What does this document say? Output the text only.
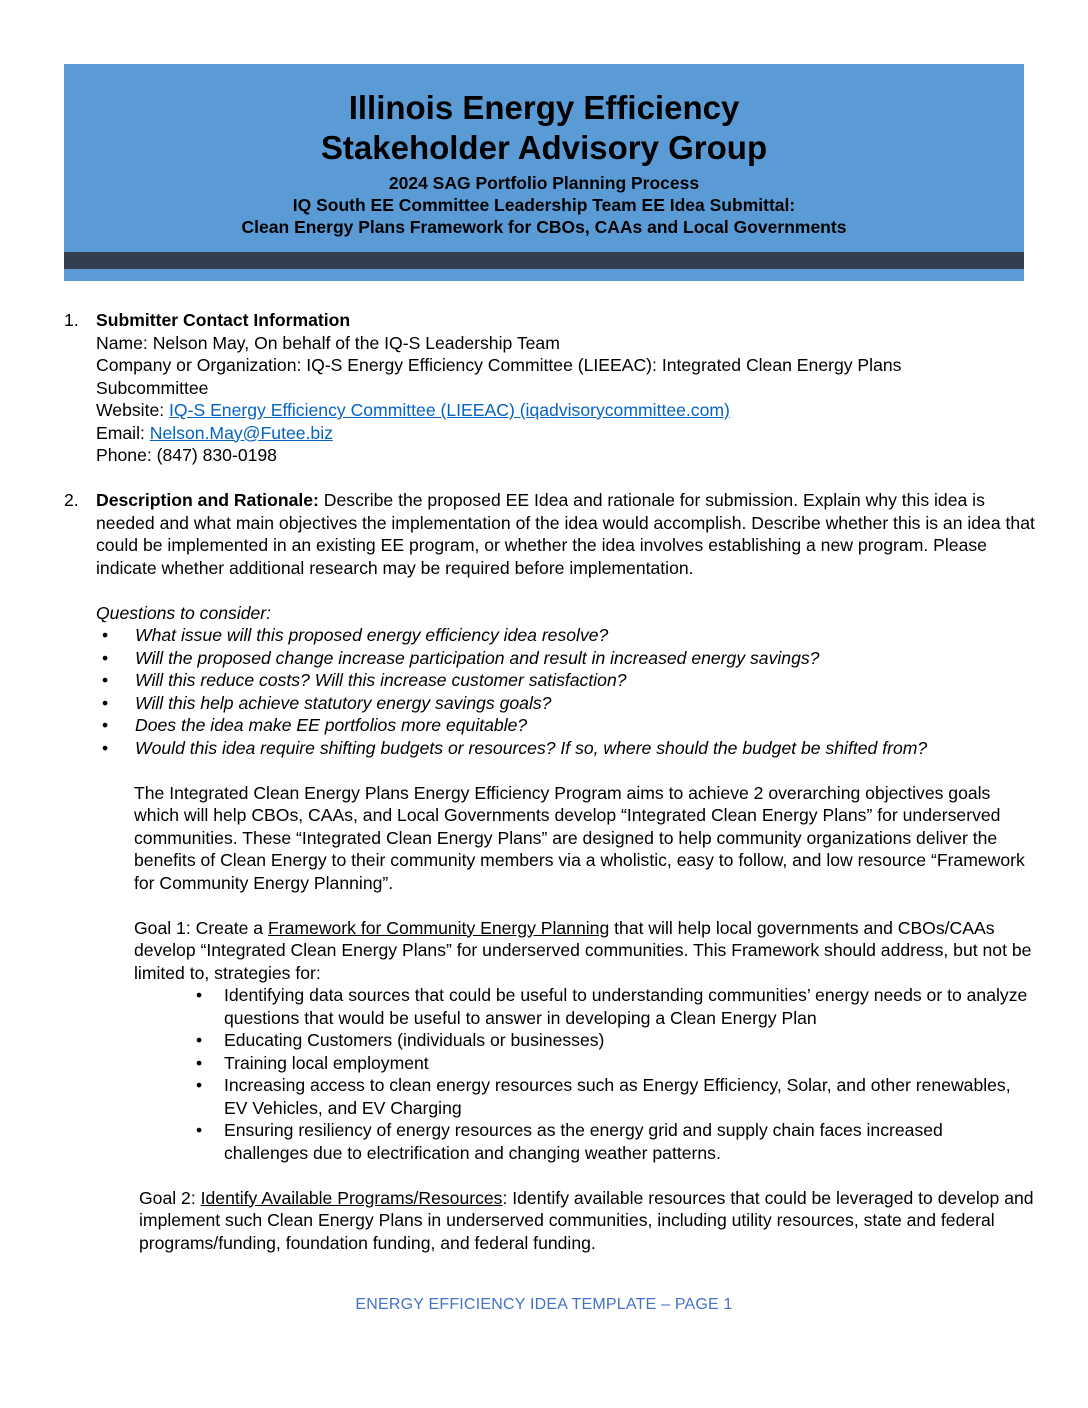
Illinois Energy Efficiency
Stakeholder Advisory Group
2024 SAG Portfolio Planning Process
IQ South EE Committee Leadership Team EE Idea Submittal:
Clean Energy Plans Framework for CBOs, CAAs and Local Governments
1. Submitter Contact Information
Name: Nelson May, On behalf of the IQ-S Leadership Team
Company or Organization: IQ-S Energy Efficiency Committee (LIEEAC): Integrated Clean Energy Plans
Subcommittee
Website: IQ-S Energy Efficiency Committee (LIEEAC) (iqadvisorycommittee.com)
Email: Nelson.May@Futee.biz
Phone: (847) 830-0198
2. Description and Rationale: Describe the proposed EE Idea and rationale for submission. Explain why this idea is needed and what main objectives the implementation of the idea would accomplish. Describe whether this is an idea that could be implemented in an existing EE program, or whether the idea involves establishing a new program. Please indicate whether additional research may be required before implementation.
Questions to consider:
• What issue will this proposed energy efficiency idea resolve?
• Will the proposed change increase participation and result in increased energy savings?
• Will this reduce costs? Will this increase customer satisfaction?
• Will this help achieve statutory energy savings goals?
• Does the idea make EE portfolios more equitable?
• Would this idea require shifting budgets or resources? If so, where should the budget be shifted from?
The Integrated Clean Energy Plans Energy Efficiency Program aims to achieve 2 overarching objectives goals which will help CBOs, CAAs, and Local Governments develop “Integrated Clean Energy Plans” for underserved communities. These “Integrated Clean Energy Plans” are designed to help community organizations deliver the benefits of Clean Energy to their community members via a wholistic, easy to follow, and low resource “Framework for Community Energy Planning”.
Goal 1: Create a Framework for Community Energy Planning that will help local governments and CBOs/CAAs develop “Integrated Clean Energy Plans” for underserved communities. This Framework should address, but not be limited to, strategies for:
• Identifying data sources that could be useful to understanding communities’ energy needs or to analyze questions that would be useful to answer in developing a Clean Energy Plan
• Educating Customers (individuals or businesses)
• Training local employment
• Increasing access to clean energy resources such as Energy Efficiency, Solar, and other renewables, EV Vehicles, and EV Charging
• Ensuring resiliency of energy resources as the energy grid and supply chain faces increased challenges due to electrification and changing weather patterns.
Goal 2: Identify Available Programs/Resources: Identify available resources that could be leveraged to develop and implement such Clean Energy Plans in underserved communities, including utility resources, state and federal programs/funding, foundation funding, and federal funding.
ENERGY EFFICIENCY IDEA TEMPLATE – PAGE 1
